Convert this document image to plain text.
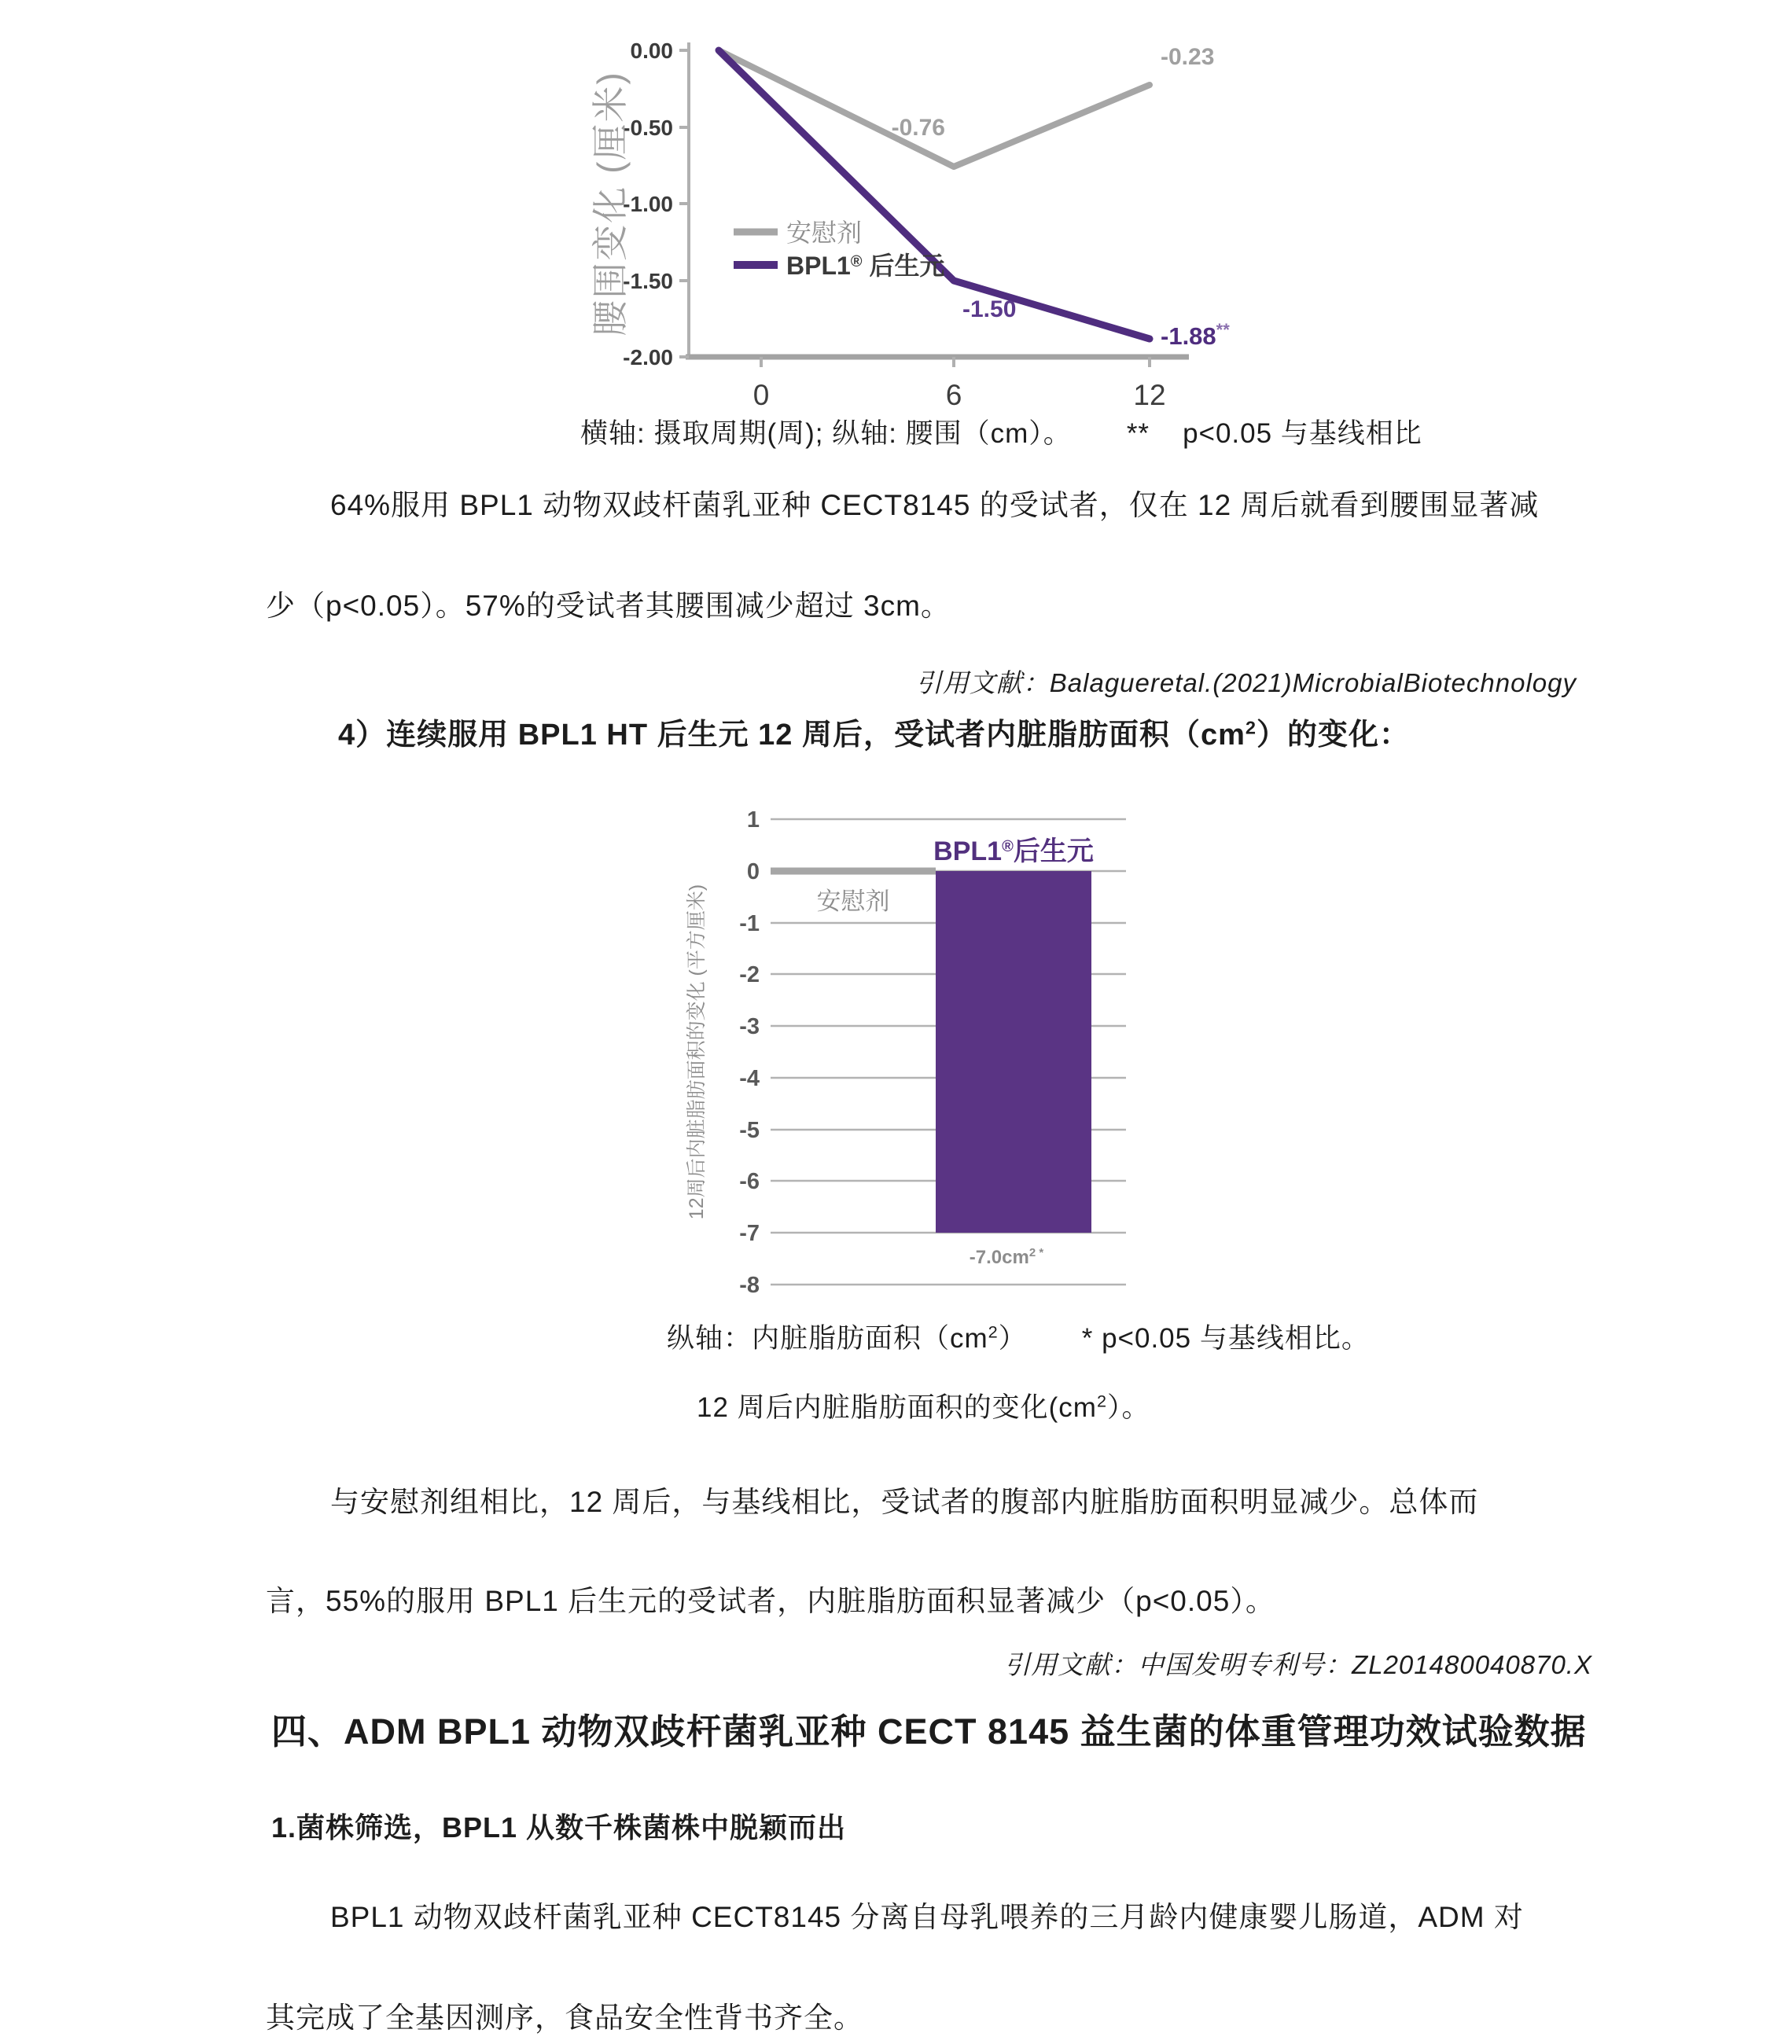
0.00
-0.50
-1.00
-1.50
-2.00
0	6	12
腰围变化 (厘米)	-0.76
-0.23
-1.50
-1.88**
安慰剂
BPL1® 后生元
横轴: 摄取周期(周); 纵轴: 腰围（cm）。 ** p<0.05 与基线相比
64%服用 BPL1 动物双歧杆菌乳亚种 CECT8145 的受试者，仅在 12 周后就看到腰围显著减
少（p<0.05）。57%的受试者其腰围减少超过 3cm。
引用文献：Balagueretal.(2021)MicrobialBiotechnology
4）连续服用 BPL1 HT 后生元 12 周后，受试者内脏脂肪面积$(cm^2)$的变化：
1
0
-1
-2
-3
-4
-5
-6
-7
-8
12周后内脏脂肪面积的变化 (平方厘米)	安慰剂
BPL1®后生元
$-7.0cm^2$ *
纵轴：内脏脂肪面积$(cm^2) * p<0.05$ 与基线相比。
12 周后内脏脂肪面积的变化$(cm^2)$。
与安慰剂组相比，12 周后，与基线相比，受试者的腹部内脏脂肪面积明显减少。总体而
言，55%的服用 BPL1 后生元的受试者，内脏脂肪面积显著减少（p<0.05）。
引用文献：中国发明专利号：ZL201480040870.X
四、ADM BPL1 动物双歧杆菌乳亚种 CECT 8145 益生菌的体重管理功效试验数据
1.菌株筛选，BPL1 从数千株菌株中脱颖而出
BPL1 动物双歧杆菌乳亚种 CECT8145 分离自母乳喂养的三月龄内健康婴儿肠道，ADM 对
其完成了全基因测序，食品安全性背书齐全。
